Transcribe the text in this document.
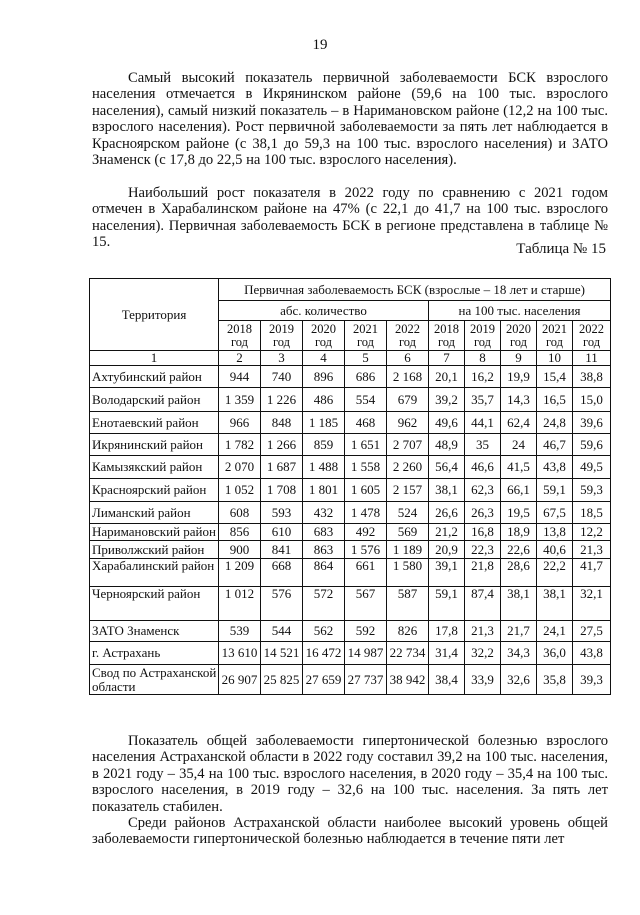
19

Самый высокий показатель первичной заболеваемости БСК взрослого населения отмечается в Икрянинском районе (59,6 на 100 тыс. взрослого населения), самый низкий показатель – в Наримановском районе (12,2 на 100 тыс. взрослого населения). Рост первичной заболеваемости за пять лет наблюдается в Красноярском районе (с 38,1 до 59,3 на 100 тыс. взрослого населения) и ЗАТО Знаменск (с 17,8 до 22,5 на 100 тыс. взрослого населения).

Наибольший рост показателя в 2022 году по сравнению с 2021 годом отмечен в Харабалинском районе на 47% (с 22,1 до 41,7 на 100 тыс. взрослого населения). Первичная заболеваемость БСК в регионе представлена в таблице № 15.	Таблица № 15
Территория	Первичная заболеваемость БСК (взрослые – 18 лет и старше)									
	абс. количество					на 100 тыс. населения				
	2018 год	2019 год	2020 год	2021 год	2022 год	2018 год	2019 год	2020 год	2021 год	2022 год
1	2	3	4	5	6	7	8	9	10	11
Ахтубинский район	944	740	896	686	2 168	20,1	16,2	19,9	15,4	38,8
Володарский район	1 359	1 226	486	554	679	39,2	35,7	14,3	16,5	15,0
Енотаевский район	966	848	1 185	468	962	49,6	44,1	62,4	24,8	39,6
Икрянинский район	1 782	1 266	859	1 651	2 707	48,9	35	24	46,7	59,6
Камызякский район	2 070	1 687	1 488	1 558	2 260	56,4	46,6	41,5	43,8	49,5
Красноярский район	1 052	1 708	1 801	1 605	2 157	38,1	62,3	66,1	59,1	59,3
Лиманский район	608	593	432	1 478	524	26,6	26,3	19,5	67,5	18,5
Наримановский район	856	610	683	492	569	21,2	16,8	18,9	13,8	12,2
Приволжский район	900	841	863	1 576	1 189	20,9	22,3	22,6	40,6	21,3
Харабалинский район	1 209	668	864	661	1 580	39,1	21,8	28,6	22,2	41,7
Черноярский район	1 012	576	572	567	587	59,1	87,4	38,1	38,1	32,1
ЗАТО Знаменск	539	544	562	592	826	17,8	21,3	21,7	24,1	27,5
г. Астрахань	13 610	14 521	16 472	14 987	22 734	31,4	32,2	34,3	36,0	43,8
Свод по Астраханской области	26 907	25 825	27 659	27 737	38 942	38,4	33,9	32,6	35,8	39,3

Показатель общей заболеваемости гипертонической болезнью взрослого населения Астраханской области в 2022 году составил 39,2 на 100 тыс. населения, в 2021 году – 35,4 на 100 тыс. взрослого населения, в 2020 году – 35,4 на 100 тыс. взрослого населения, в 2019 году – 32,6 на 100 тыс. населения. За пять лет показатель стабилен.

Среди районов Астраханской области наиболее высокий уровень общей заболеваемости гипертонической болезнью наблюдается в течение пяти лет
